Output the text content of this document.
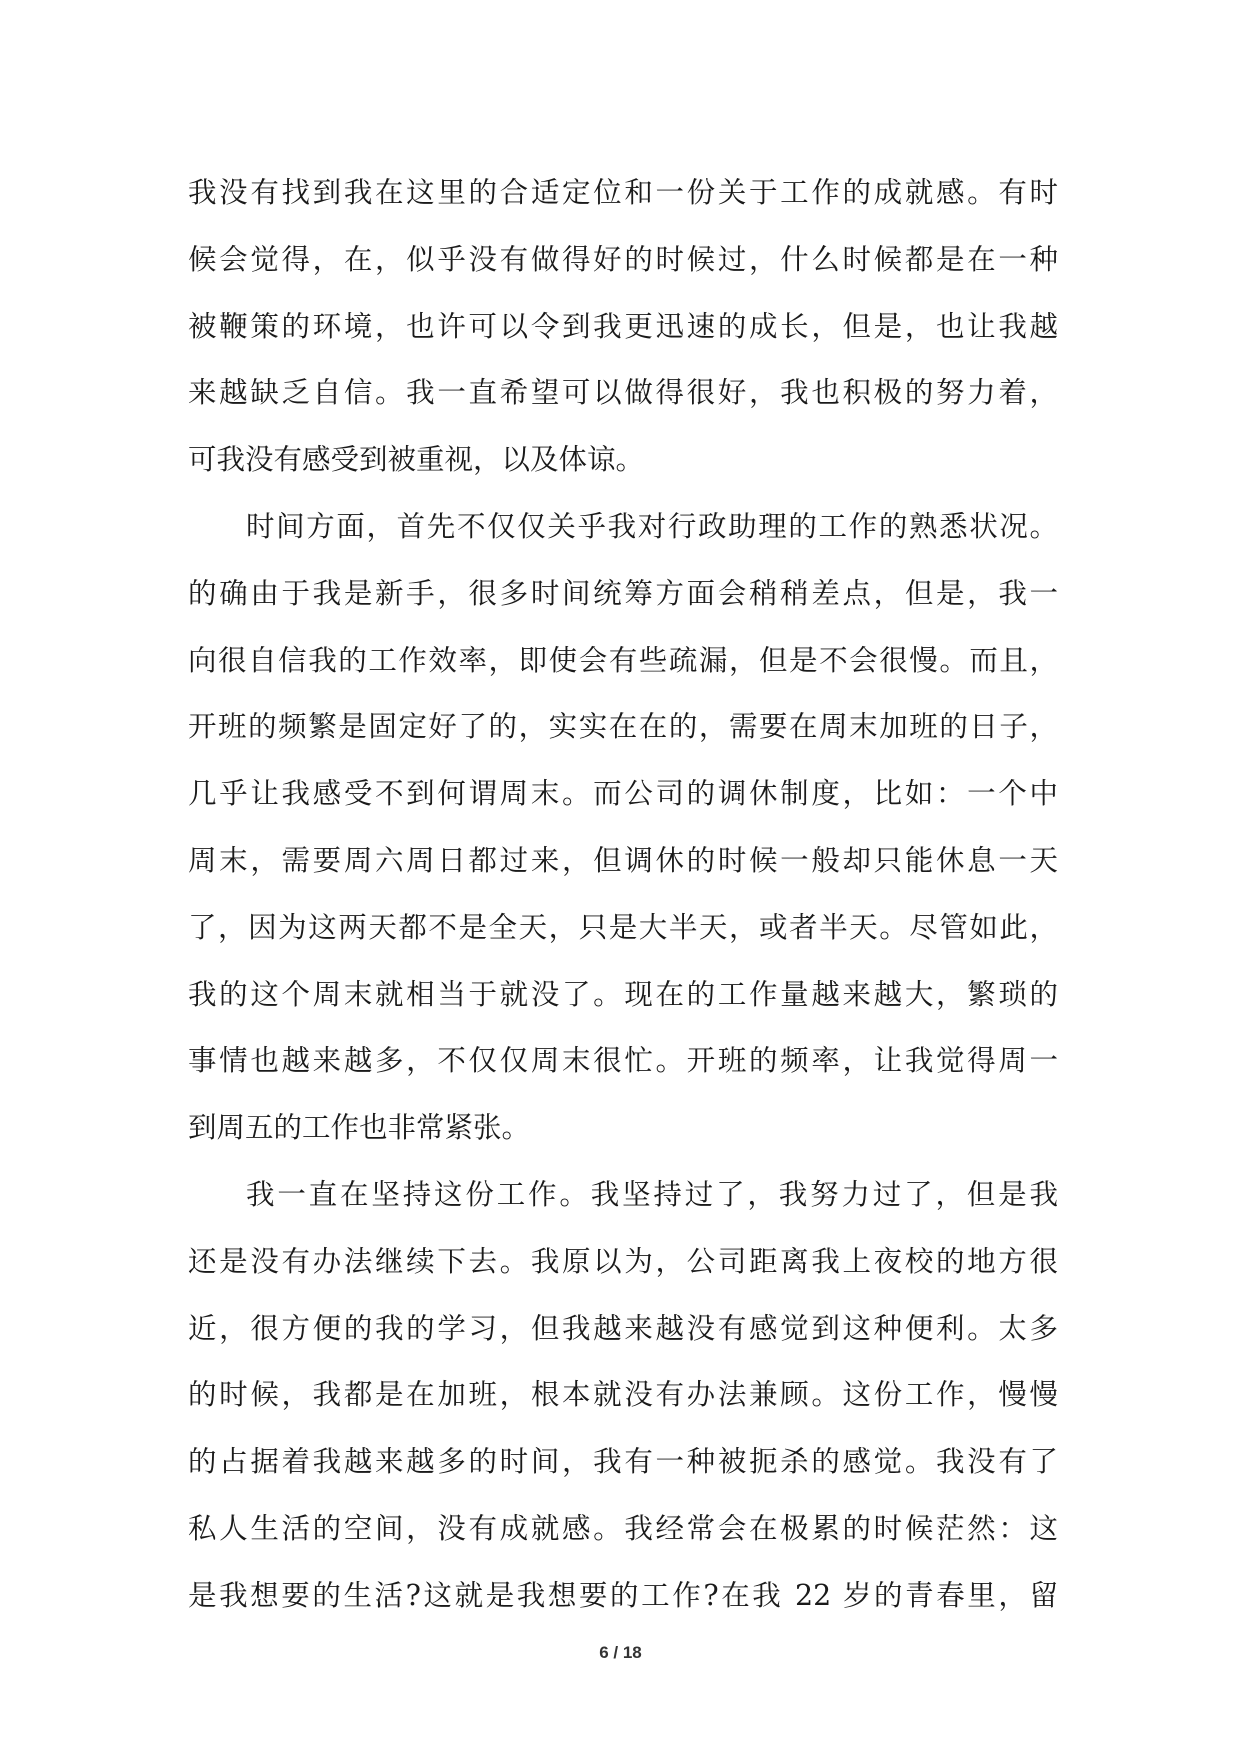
我没有找到我在这里的合适定位和一份关于工作的成就感。有时
候会觉得，在，似乎没有做得好的时候过，什么时候都是在一种
被鞭策的环境，也许可以令到我更迅速的成长，但是，也让我越
来越缺乏自信。我一直希望可以做得很好，我也积极的努力着，
可我没有感受到被重视，以及体谅。
时间方面，首先不仅仅关乎我对行政助理的工作的熟悉状况。
的确由于我是新手，很多时间统筹方面会稍稍差点，但是，我一
向很自信我的工作效率，即使会有些疏漏，但是不会很慢。而且，
开班的频繁是固定好了的，实实在在的，需要在周末加班的日子，
几乎让我感受不到何谓周末。而公司的调休制度，比如：一个中
周末，需要周六周日都过来，但调休的时候一般却只能休息一天
了，因为这两天都不是全天，只是大半天，或者半天。尽管如此，
我的这个周末就相当于就没了。现在的工作量越来越大，繁琐的
事情也越来越多，不仅仅周末很忙。开班的频率，让我觉得周一
到周五的工作也非常紧张。
我一直在坚持这份工作。我坚持过了，我努力过了，但是我
还是没有办法继续下去。我原以为，公司距离我上夜校的地方很
近，很方便的我的学习，但我越来越没有感觉到这种便利。太多
的时候，我都是在加班，根本就没有办法兼顾。这份工作，慢慢
的占据着我越来越多的时间，我有一种被扼杀的感觉。我没有了
私人生活的空间，没有成就感。我经常会在极累的时候茫然：这
是我想要的生活?这就是我想要的工作?在我 22 岁的青春里，留
6 / 18
